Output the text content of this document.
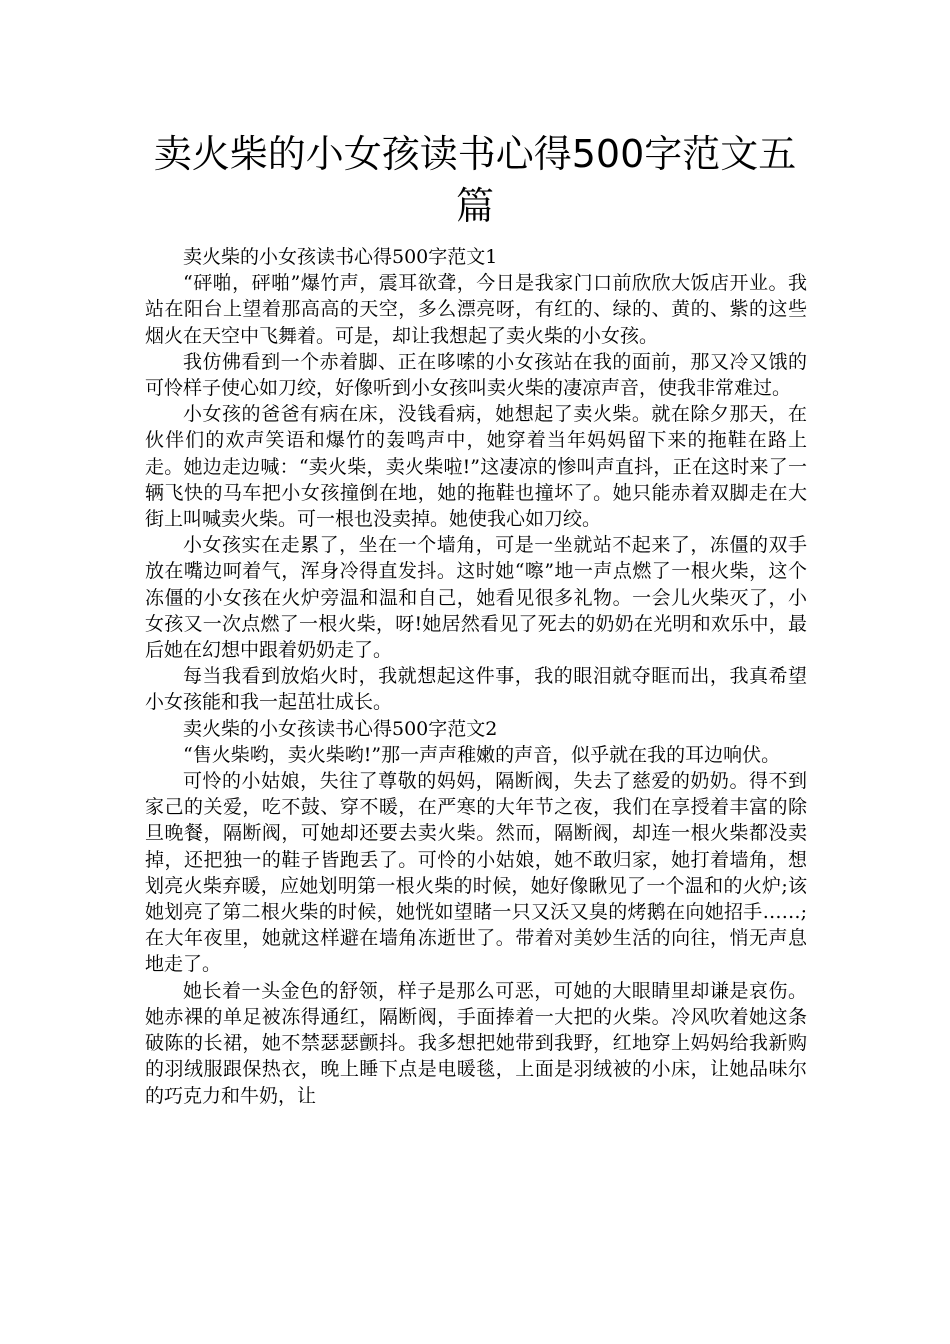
卖火柴的小女孩读书心得500字范文五篇

卖火柴的小女孩读书心得500字范文1

“砰啪，砰啪”爆竹声，震耳欲聋，今日是我家门口前欣欣大饭店开业。我站在阳台上望着那高高的天空，多么漂亮呀，有红的、绿的、黄的、紫的这些烟火在天空中飞舞着。可是，却让我想起了卖火柴的小女孩。

我仿佛看到一个赤着脚、正在哆嗦的小女孩站在我的面前，那又冷又饿的可怜样子使心如刀绞，好像听到小女孩叫卖火柴的凄凉声音，使我非常难过。

小女孩的爸爸有病在床，没钱看病，她想起了卖火柴。就在除夕那天，在伙伴们的欢声笑语和爆竹的轰鸣声中，她穿着当年妈妈留下来的拖鞋在路上走。她边走边喊：“卖火柴，卖火柴啦!”这凄凉的惨叫声直抖，正在这时来了一辆飞快的马车把小女孩撞倒在地，她的拖鞋也撞坏了。她只能赤着双脚走在大街上叫喊卖火柴。可一根也没卖掉。她使我心如刀绞。

小女孩实在走累了，坐在一个墙角，可是一坐就站不起来了，冻僵的双手放在嘴边呵着气，浑身冷得直发抖。这时她“嚓”地一声点燃了一根火柴，这个冻僵的小女孩在火炉旁温和温和自己，她看见很多礼物。一会儿火柴灭了，小女孩又一次点燃了一根火柴，呀!她居然看见了死去的奶奶在光明和欢乐中，最后她在幻想中跟着奶奶走了。

每当我看到放焰火时，我就想起这件事，我的眼泪就夺眶而出，我真希望小女孩能和我一起茁壮成长。

卖火柴的小女孩读书心得500字范文2

“售火柴哟，卖火柴哟!”那一声声稚嫩的声音，似乎就在我的耳边响伏。

可怜的小姑娘，失往了尊敬的妈妈，隔断阀，失去了慈爱的奶奶。得不到家己的关爱，吃不鼓、穿不暖，在严寒的大年节之夜，我们在享授着丰富的除旦晚餐，隔断阀，可她却还要去卖火柴。然而，隔断阀，却连一根火柴都没卖掉，还把独一的鞋子皆跑丢了。可怜的小姑娘，她不敢归家，她打着墙角，想划亮火柴弃暖，应她划明第一根火柴的时候，她好像瞅见了一个温和的火炉;该她划亮了第二根火柴的时候，她恍如望睹一只又沃又臭的烤鹅在向她招手……;在大年夜里，她就这样避在墙角冻逝世了。带着对美妙生活的向往，悄无声息地走了。

她长着一头金色的舒领，样子是那么可恶，可她的大眼睛里却谦是哀伤。她赤裸的单足被冻得通红，隔断阀，手面捧着一大把的火柴。冷风吹着她这条破陈的长裙，她不禁瑟瑟颤抖。我多想把她带到我野，红地穿上妈妈给我新购的羽绒服跟保热衣，晚上睡下点是电暖毯，上面是羽绒被的小床，让她品味尔的巧克力和牛奶，让
